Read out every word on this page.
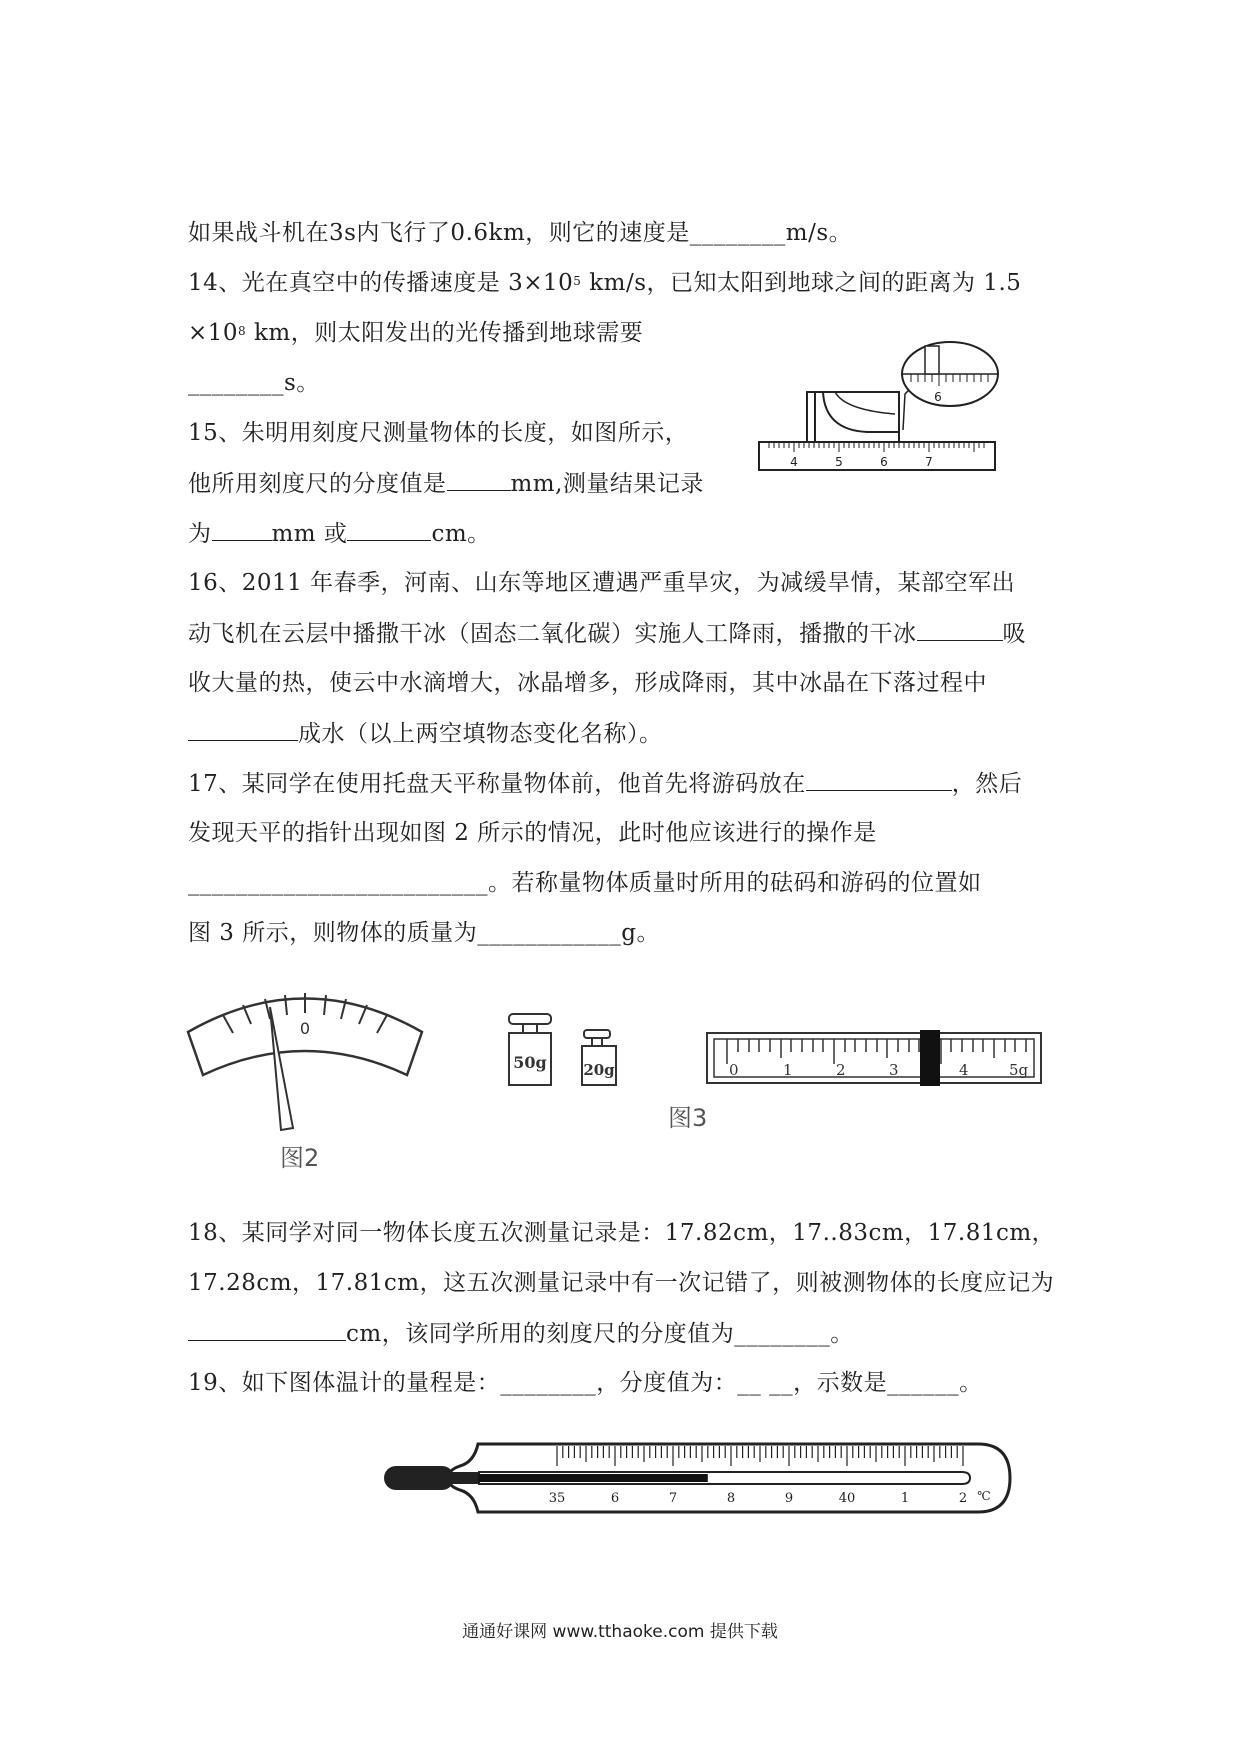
如果战斗机在3s内飞行了0.6km，则它的速度是________m/s。
14、光在真空中的传播速度是 $3\times 10^5$ km/s，已知太阳到地球之间的距离为 1.5
$\times 10^8$ km，则太阳发出的光传播到地球需要
________s。
15、朱明用刻度尺测量物体的长度，如图所示，
他所用刻度尺的分度值是	mm,测量结果记录
为	mm 或	cm。
4	5	6	7
6
16、2011 年春季，河南、山东等地区遭遇严重旱灾，为减缓旱情，某部空军出
动飞机在云层中播撒干冰（固态二氧化碳）实施人工降雨，播撒的干冰	吸
收大量的热，使云中水滴增大，冰晶增多，形成降雨，其中冰晶在下落过程中
成水（以上两空填物态变化名称）。
17、某同学在使用托盘天平称量物体前，他首先将游码放在	，然后
发现天平的指针出现如图 2 所示的情况，此时他应该进行的操作是
_________________________。若称量物体质量时所用的砝码和游码的位置如
图 3 所示，则物体的质量为____________g。
0
图2
50g 20g	0	1	2	3	4	5g
图3
18、某同学对同一物体长度五次测量记录是：17.82cm，17..83cm，17.81cm，
17.28cm，17.81cm，这五次测量记录中有一次记错了，则被测物体的长度应记为
cm，该同学所用的刻度尺的分度值为________。
19、如下图体温计的量程是：________，分度值为：__ __，示数是______。
35	6	7	8	9	40	1	2 ℃
通通好课网 www.tthaoke.com 提供下载
